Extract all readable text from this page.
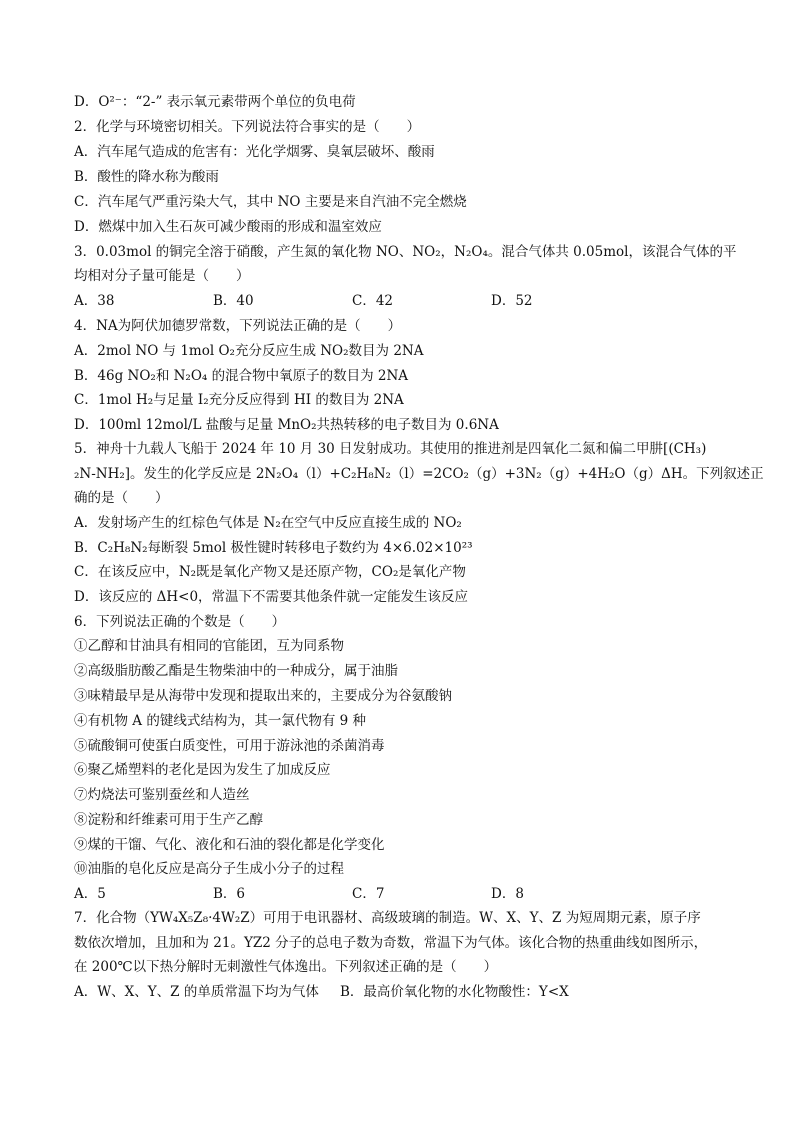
D．O²⁻：“2-” 表示氧元素带两个单位的负电荷
2．化学与环境密切相关。下列说法符合事实的是（　　）
A．汽车尾气造成的危害有：光化学烟雾、臭氧层破坏、酸雨
B．酸性的降水称为酸雨
C．汽车尾气严重污染大气，其中 NO 主要是来自汽油不完全燃烧
D．燃煤中加入生石灰可减少酸雨的形成和温室效应
3．0.03mol 的铜完全溶于硝酸，产生氮的氧化物 NO、NO₂，N₂O₄。混合气体共 0.05mol，该混合气体的平
均相对分子量可能是（　　）
A．38	B．40	C．42	D．52
4．NA为阿伏加德罗常数，下列说法正确的是（　　）
A．2mol NO 与 1mol O₂充分反应生成 NO₂数目为 2NA
B．46g NO₂和 N₂O₄ 的混合物中氧原子的数目为 2NA
C．1mol H₂与足量 I₂充分反应得到 HI 的数目为 2NA
D．100ml 12mol/L 盐酸与足量 MnO₂共热转移的电子数目为 0.6NA
5．神舟十九载人飞船于 2024 年 10 月 30 日发射成功。其使用的推进剂是四氧化二氮和偏二甲肼[(CH₃)
₂N-NH₂]。发生的化学反应是 2N₂O₄（l）+C₂H₈N₂（l）=2CO₂（g）+3N₂（g）+4H₂O（g）ΔH。下列叙述正
确的是（　　）
A．发射场产生的红棕色气体是 N₂在空气中反应直接生成的 NO₂
B．C₂H₈N₂每断裂 5mol 极性键时转移电子数约为 4×6.02×10²³
C．在该反应中，N₂既是氧化产物又是还原产物，CO₂是氧化产物
D．该反应的 ΔH<0，常温下不需要其他条件就一定能发生该反应
6．下列说法正确的个数是（　　）
①乙醇和甘油具有相同的官能团，互为同系物
②高级脂肪酸乙酯是生物柴油中的一种成分，属于油脂
③味精最早是从海带中发现和提取出来的，主要成分为谷氨酸钠
④有机物 A 的键线式结构为，其一氯代物有 9 种
⑤硫酸铜可使蛋白质变性，可用于游泳池的杀菌消毒
⑥聚乙烯塑料的老化是因为发生了加成反应
⑦灼烧法可鉴别蚕丝和人造丝
⑧淀粉和纤维素可用于生产乙醇
⑨煤的干馏、气化、液化和石油的裂化都是化学变化
⑩油脂的皂化反应是高分子生成小分子的过程
A．5	B．6	C．7	D．8
7．化合物（YW₄X₅Z₈·4W₂Z）可用于电讯器材、高级玻璃的制造。W、X、Y、Z 为短周期元素，原子序
数依次增加，且加和为 21。YZ2 分子的总电子数为奇数，常温下为气体。该化合物的热重曲线如图所示，
在 200℃以下热分解时无刺激性气体逸出。下列叙述正确的是（　　）
A．W、X、Y、Z 的单质常温下均为气体 B．最高价氧化物的水化物酸性：Y<X
